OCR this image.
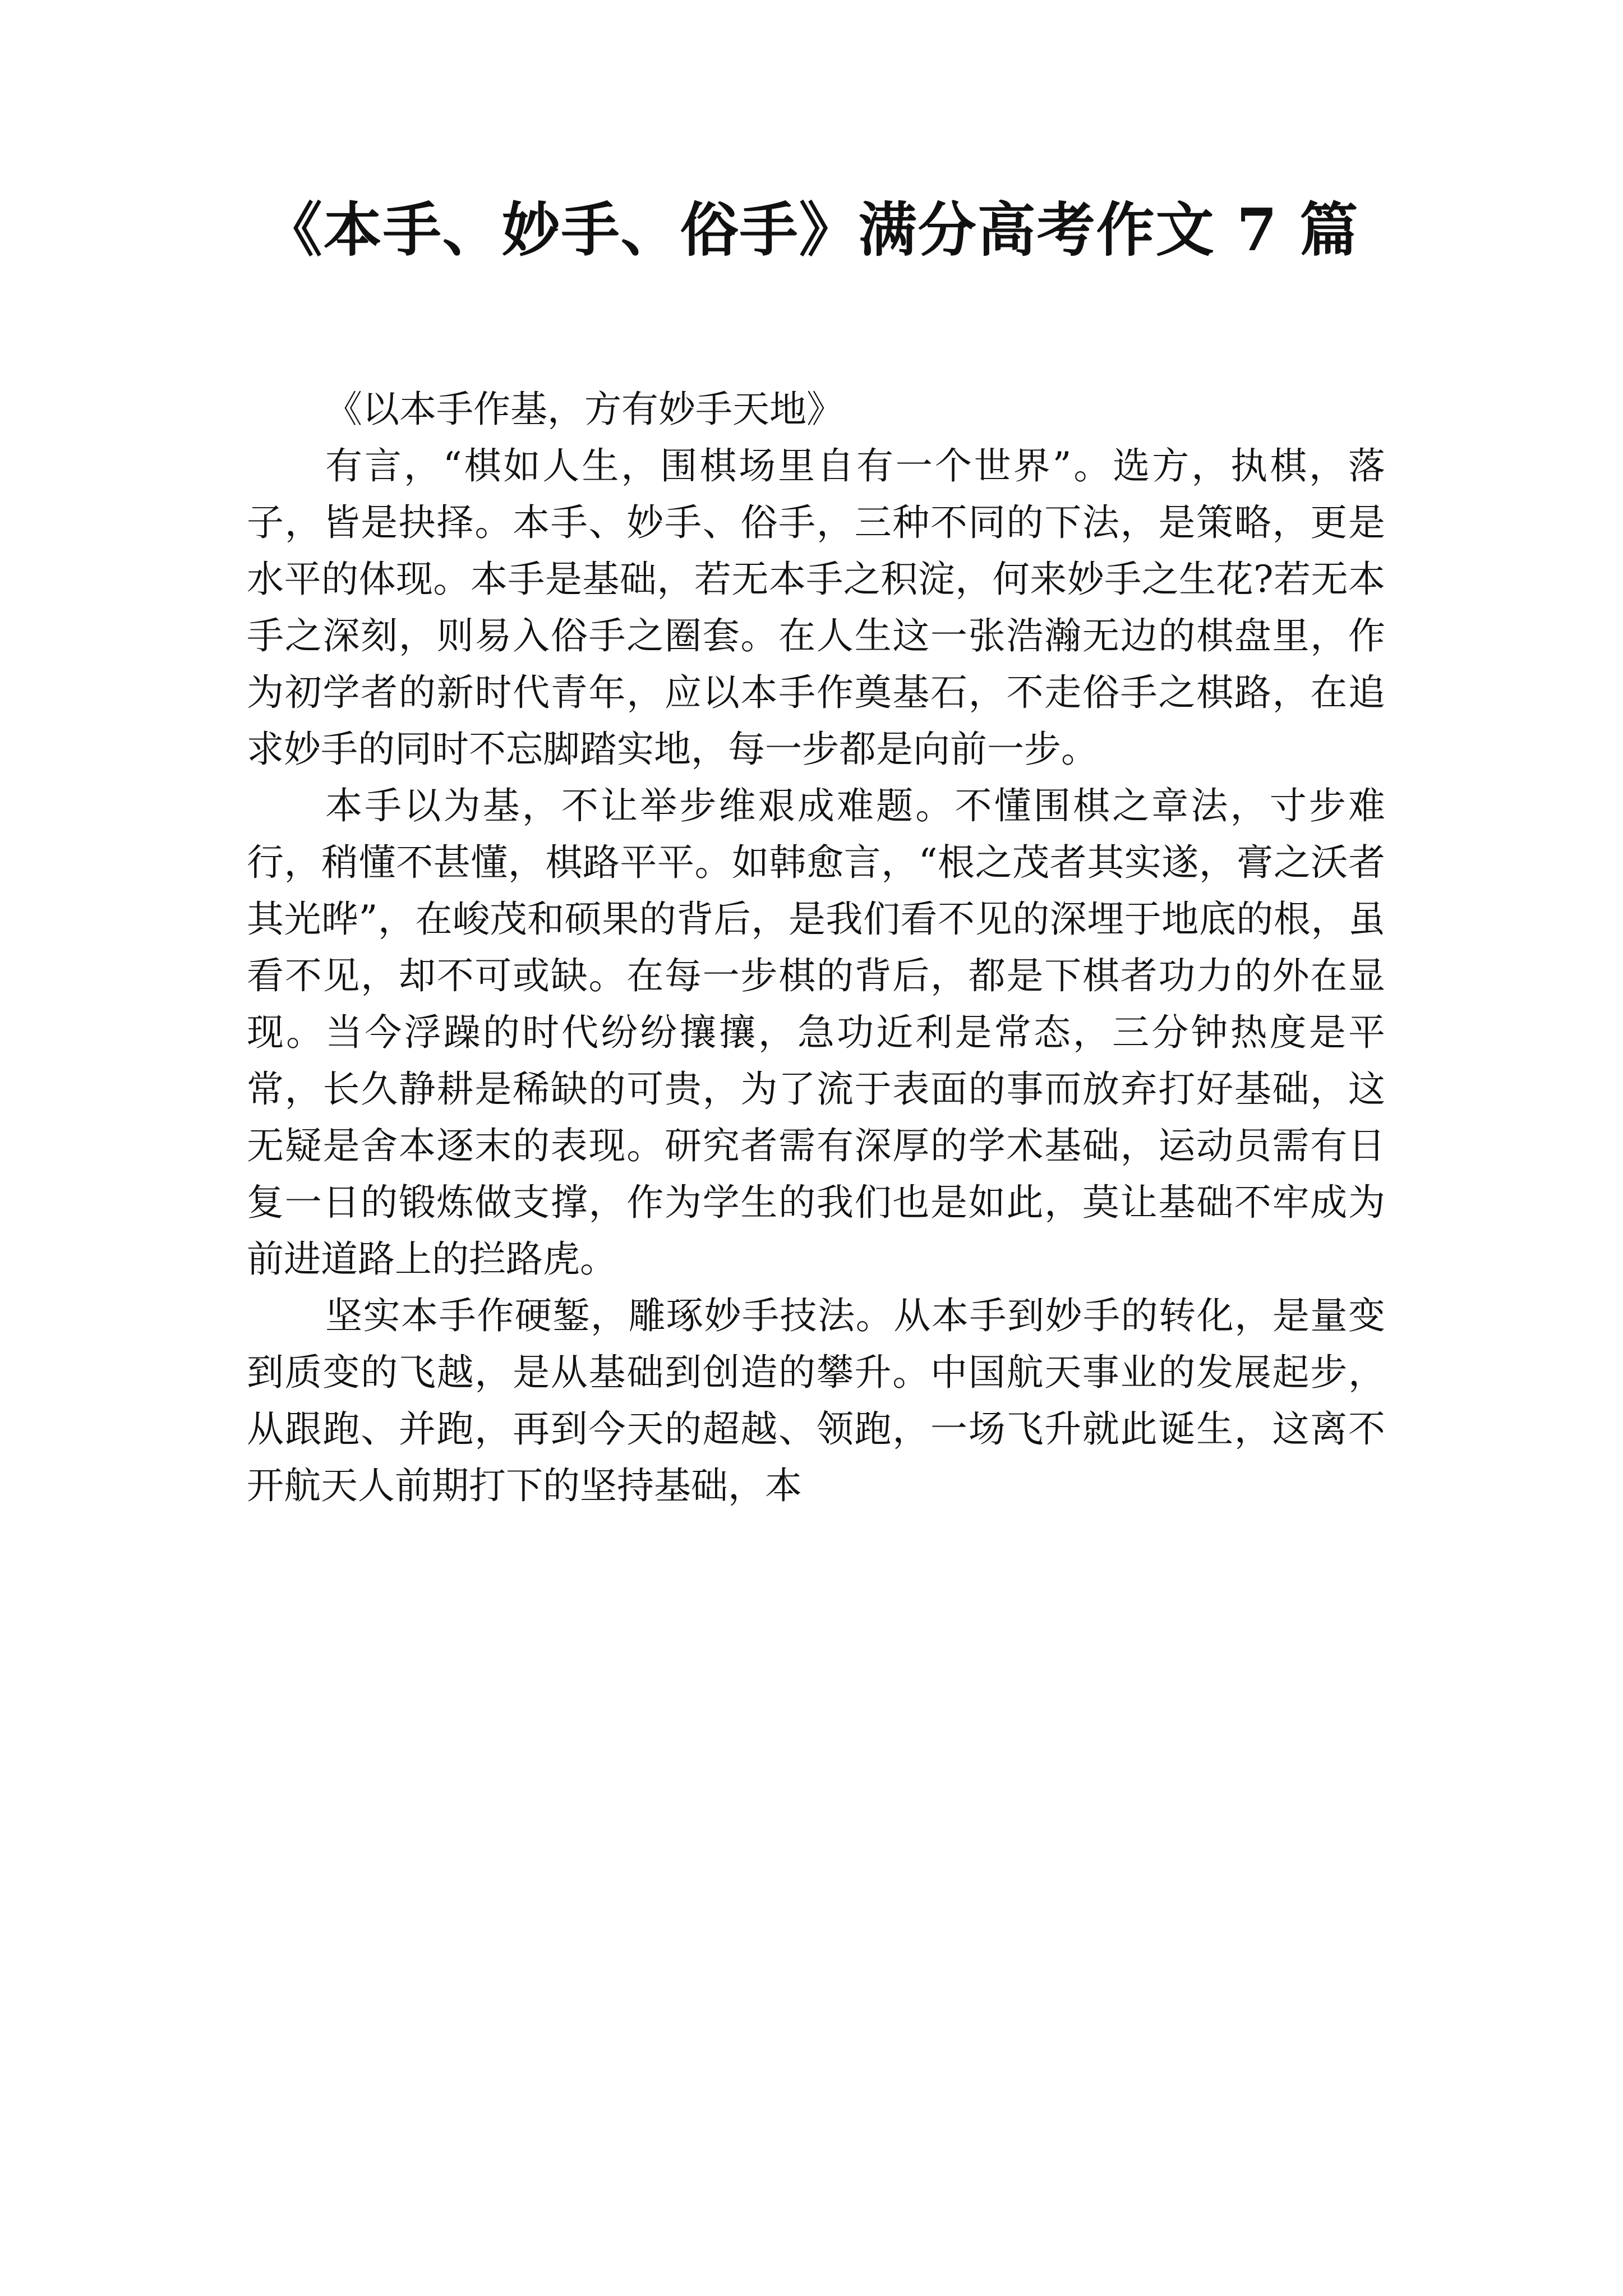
《本手、妙手、俗手》满分高考作文 7 篇

《以本手作基，方有妙手天地》

有言，“棋如人生，围棋场里自有一个世界”。选方，执棋，落子，皆是抉择。本手、妙手、俗手，三种不同的下法，是策略，更是水平的体现。本手是基础，若无本手之积淀，何来妙手之生花?若无本手之深刻，则易入俗手之圈套。在人生这一张浩瀚无边的棋盘里，作为初学者的新时代青年，应以本手作奠基石，不走俗手之棋路，在追求妙手的同时不忘脚踏实地，每一步都是向前一步。

本手以为基，不让举步维艰成难题。不懂围棋之章法，寸步难行，稍懂不甚懂，棋路平平。如韩愈言，“根之茂者其实遂，膏之沃者其光晔”，在峻茂和硕果的背后，是我们看不见的深埋于地底的根，虽看不见，却不可或缺。在每一步棋的背后，都是下棋者功力的外在显现。当今浮躁的时代纷纷攘攘，急功近利是常态，三分钟热度是平常，长久静耕是稀缺的可贵，为了流于表面的事而放弃打好基础，这无疑是舍本逐末的表现。研究者需有深厚的学术基础，运动员需有日复一日的锻炼做支撑，作为学生的我们也是如此，莫让基础不牢成为前进道路上的拦路虎。

坚实本手作硬錾，雕琢妙手技法。从本手到妙手的转化，是量变到质变的飞越，是从基础到创造的攀升。中国航天事业的发展起步，从跟跑、并跑，再到今天的超越、领跑，一场飞升就此诞生，这离不开航天人前期打下的坚持基础，本
